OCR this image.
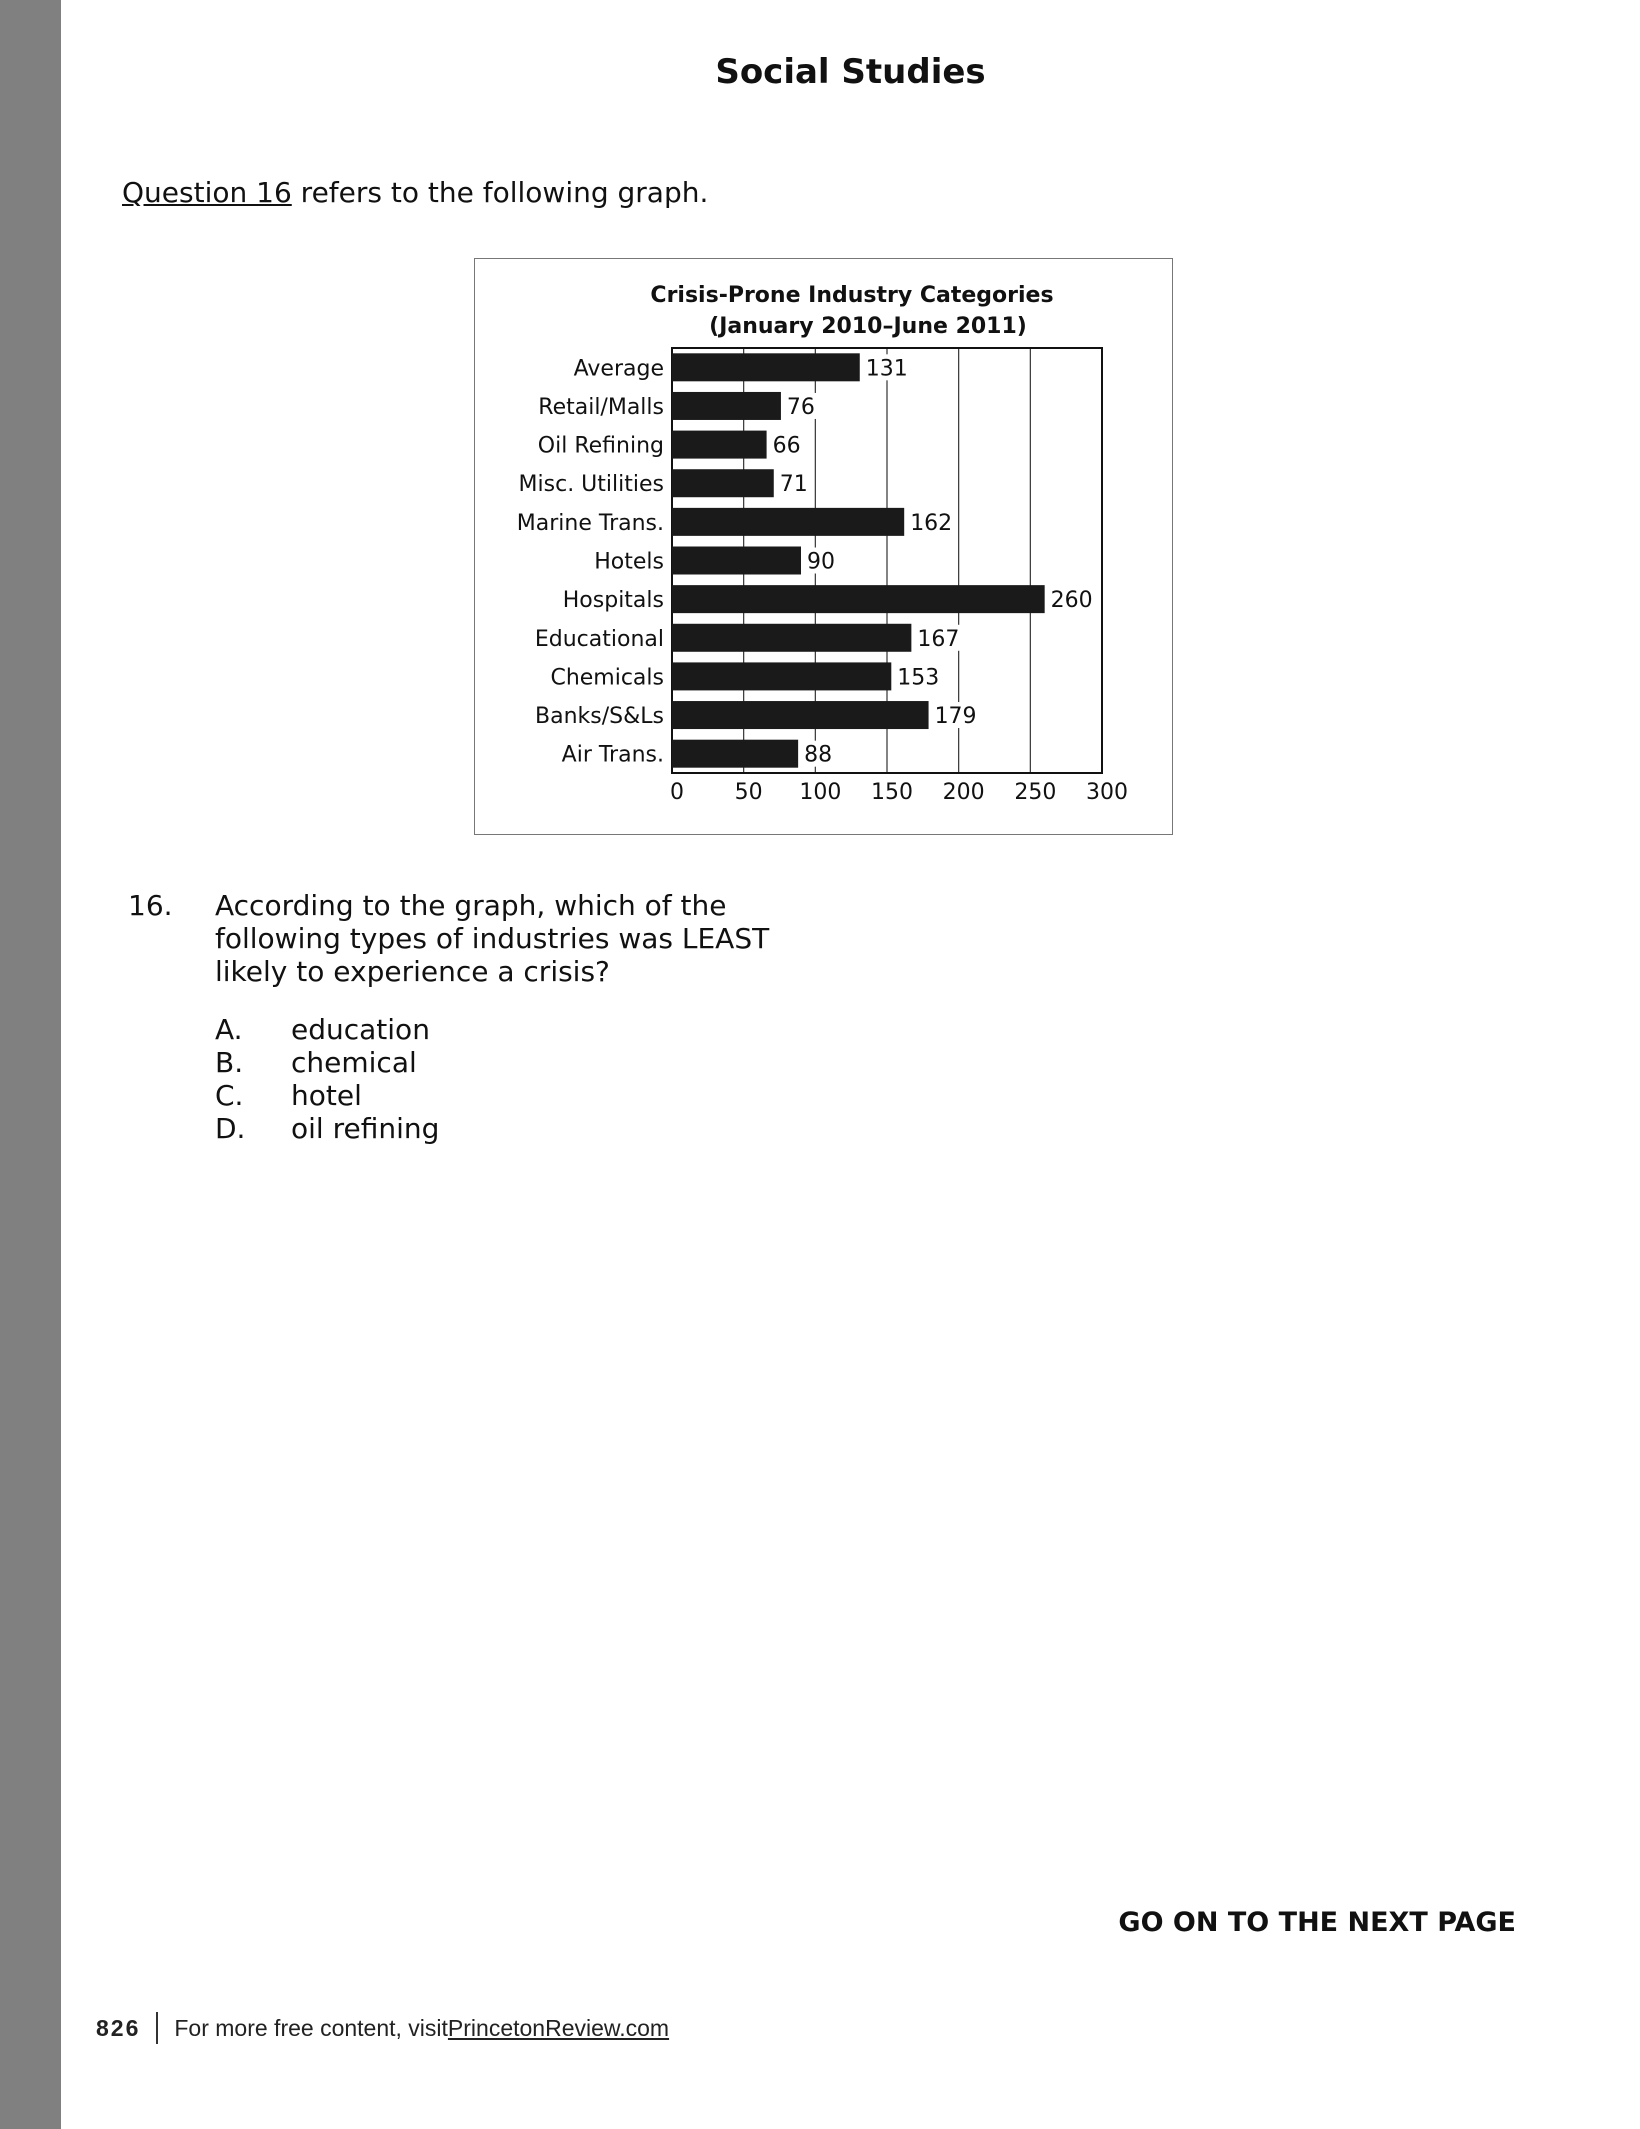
Social Studies

Question 16 refers to the following graph.

Crisis-Prone Industry Categories
(January 2010–June 2011)
131
Average
76
Retail/Malls
66
Oil Refining
71
Misc. Utilities
162
Marine Trans.
90
Hotels
260
Hospitals
167
Educational
153
Chemicals
179
Banks/S&Ls
88
Air Trans.
0 50 100 150 200 250 300
16. According to the graph, which of the following types of industries was LEAST likely to experience a crisis?
A. education
B. chemical
C. hotel
D. oil refining

GO ON TO THE NEXT PAGE

826 For more free content, visit PrincetonReview.com
